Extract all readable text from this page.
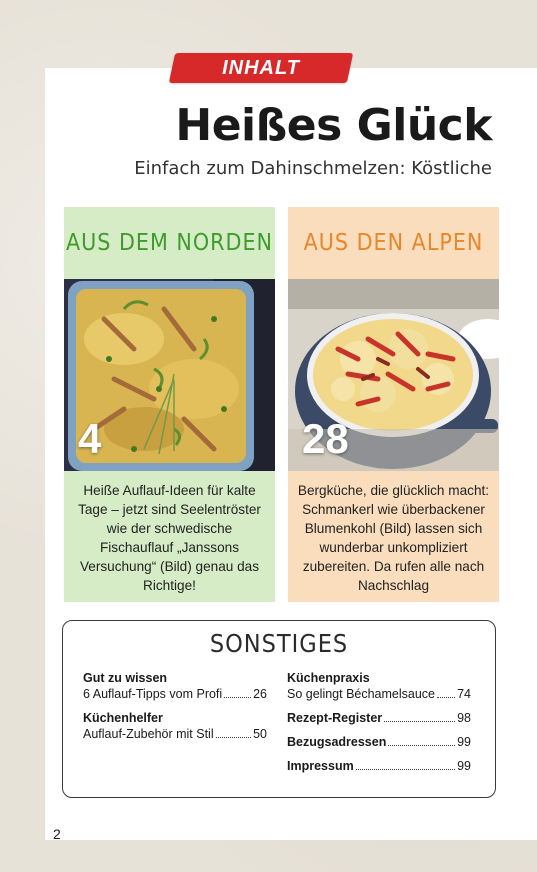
INHALT
Heißes Glück

Einfach zum Dahinschmelzen: Köstliche

AUS DEM NORDEN
4
Heiße Auflauf-Ideen für kalte Tage – jetzt sind Seelentröster wie der schwedische Fischauflauf „Janssons Versuchung“ (Bild) genau das Richtige!
AUS DEN ALPEN
28
Bergküche, die glücklich macht: Schmankerl wie überbackener Blumenkohl (Bild) lassen sich wunderbar unkompliziert zubereiten. Da rufen alle nach Nachschlag
SONSTIGES
Gut zu wissen
6 Auflauf-Tipps vom Profi 26
Küchenhelfer
Auflauf-Zubehör mit Stil	50
Küchenpraxis
So gelingt Béchamelsauce 74
Rezept-Register	98
Bezugsadressen	99
Impressum	99
2
